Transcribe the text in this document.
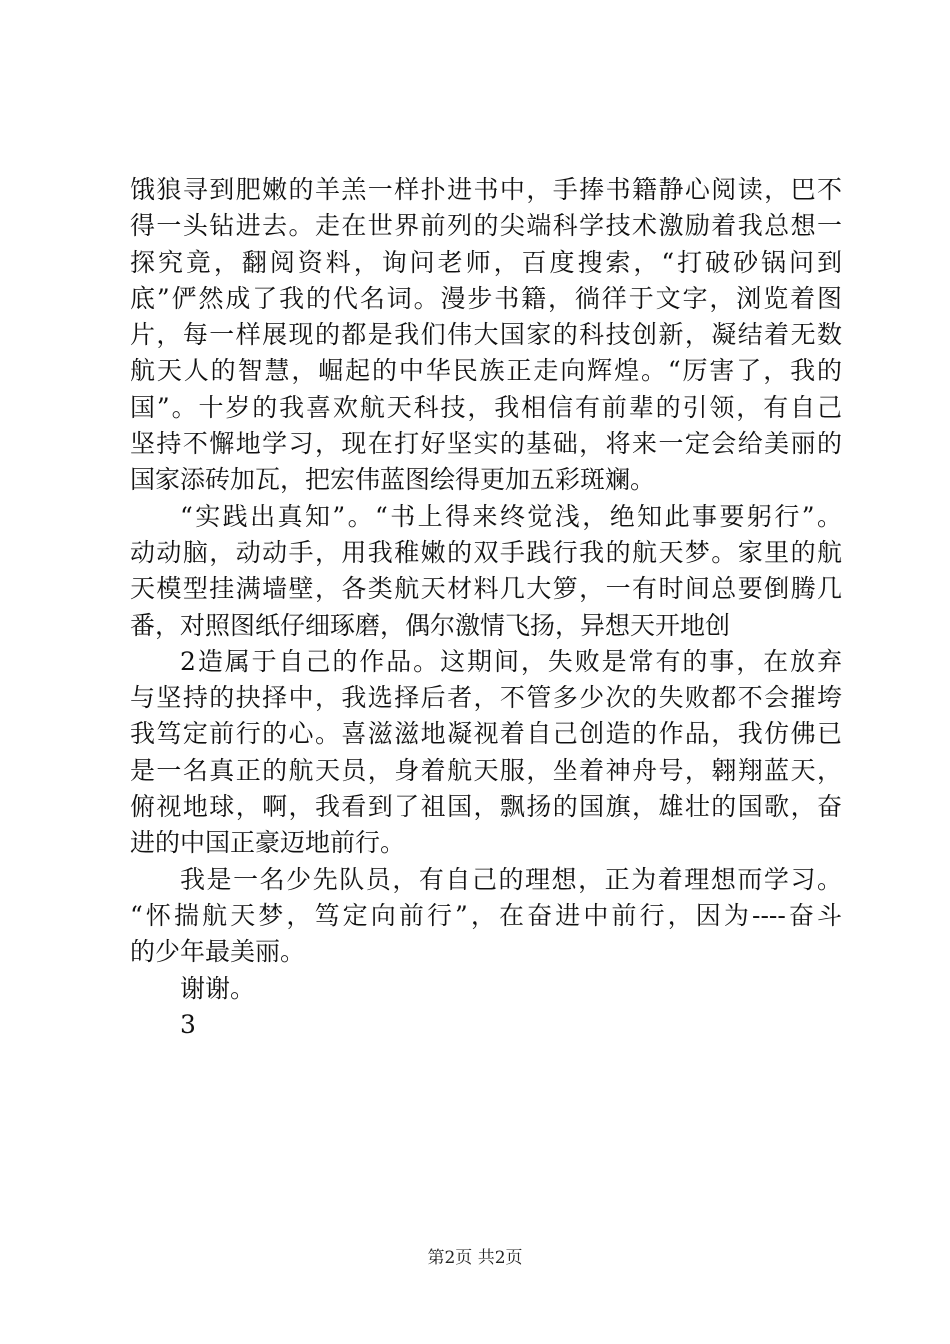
饿狼寻到肥嫩的羊羔一样扑进书中，手捧书籍静心阅读，巴不
得一头钻进去。走在世界前列的尖端科学技术激励着我总想一
探究竟，翻阅资料，询问老师，百度搜索，“打破砂锅问到
底”俨然成了我的代名词。漫步书籍，徜徉于文字，浏览着图
片，每一样展现的都是我们伟大国家的科技创新，凝结着无数
航天人的智慧，崛起的中华民族正走向辉煌。“厉害了，我的
国”。十岁的我喜欢航天科技，我相信有前辈的引领，有自己
坚持不懈地学习，现在打好坚实的基础，将来一定会给美丽的
国家添砖加瓦，把宏伟蓝图绘得更加五彩斑斓。
“实践出真知”。“书上得来终觉浅，绝知此事要躬行”。
动动脑，动动手，用我稚嫩的双手践行我的航天梦。家里的航
天模型挂满墙壁，各类航天材料几大箩，一有时间总要倒腾几
番，对照图纸仔细琢磨，偶尔激情飞扬，异想天开地创
2造属于自己的作品。这期间，失败是常有的事，在放弃
与坚持的抉择中，我选择后者，不管多少次的失败都不会摧垮
我笃定前行的心。喜滋滋地凝视着自己创造的作品，我仿佛已
是一名真正的航天员，身着航天服，坐着神舟号，翱翔蓝天，
俯视地球，啊，我看到了祖国，飘扬的国旗，雄壮的国歌，奋
进的中国正豪迈地前行。
我是一名少先队员，有自己的理想，正为着理想而学习。
“怀揣航天梦，笃定向前行”，在奋进中前行，因为----奋斗
的少年最美丽。
谢谢。
3
第2页 共2页
